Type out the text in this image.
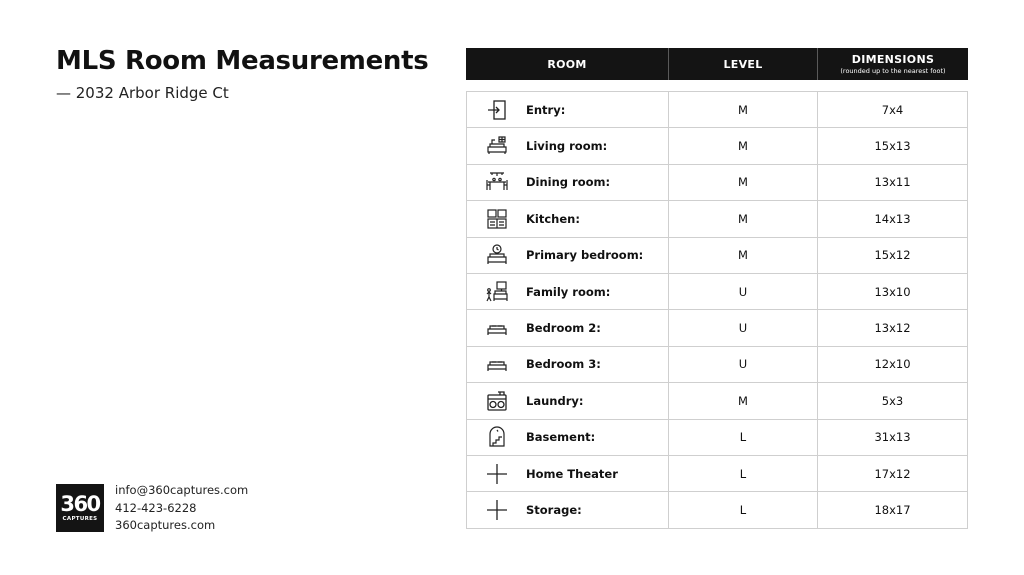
MLS Room Measurements
— 2032 Arbor Ridge Ct
ROOM	LEVEL	DIMENSIONS
(rounded up to the nearest foot)
Entry:	M	7x4
Living room:	M	15x13
Dining room:	M	13x11
Kitchen:	M	14x13
Primary bedroom:	M	15x12
Family room:	U	13x10
Bedroom 2:	U	13x12
Bedroom 3:	U	12x10
Laundry:	M	5x3
Basement:	L	31x13
Home Theater	L	17x12
Storage:	L	18x17
360
CAPTURES
info@360captures.com
412-423-6228
360captures.com
